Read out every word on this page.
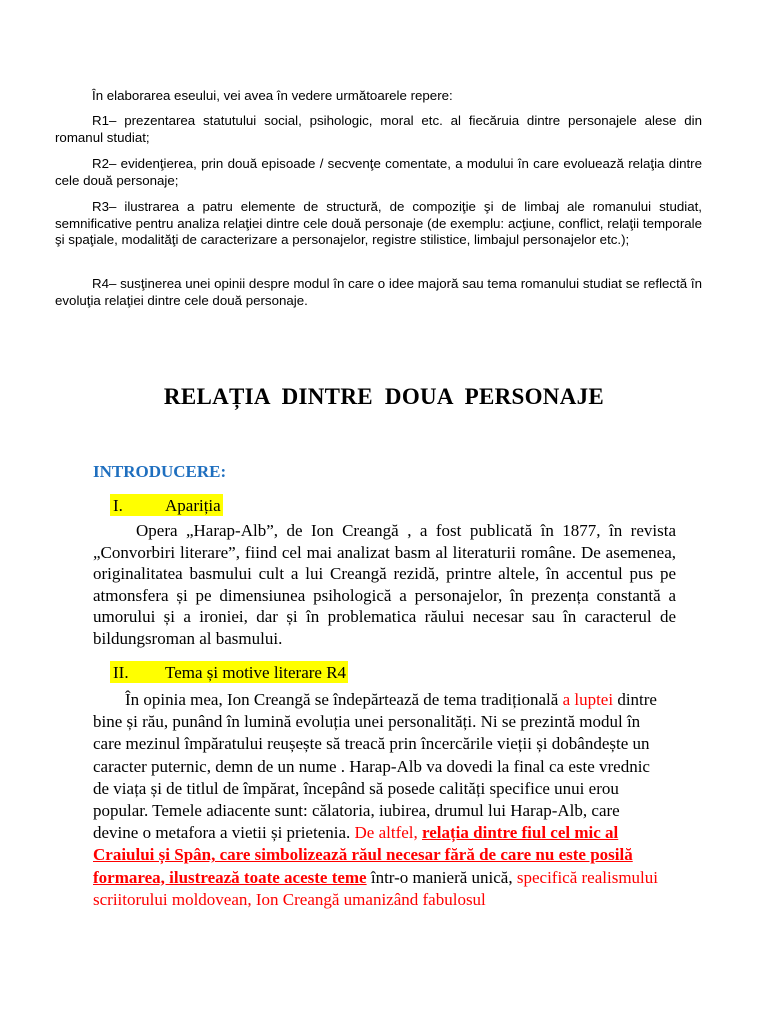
În elaborarea eseului, vei avea în vedere următoarele repere:

R1– prezentarea statutului social, psihologic, moral etc. al fiecăruia dintre personajele alese din romanul studiat;

R2– evidenţierea, prin două episoade / secvenţe comentate, a modului în care evoluează relaţia dintre cele două personaje;

R3– ilustrarea a patru elemente de structură, de compoziţie şi de limbaj ale romanului studiat, semnificative pentru analiza relaţiei dintre cele două personaje (de exemplu: acţiune, conflict, relaţii temporale şi spaţiale, modalităţi de caracterizare a personajelor, registre stilistice, limbajul personajelor etc.);

R4– susţinerea unei opinii despre modul în care o idee majoră sau tema romanului studiat se reflectă în evoluţia relaţiei dintre cele două personaje.

RELAȚIA DINTRE DOUA PERSONAJE

INTRODUCERE:

I. Apariția

Opera „Harap-Alb”, de Ion Creangă , a fost publicată în 1877, în revista „Convorbiri literare”, fiind cel mai analizat basm al literaturii române. De asemenea, originalitatea basmului cult a lui Creangă rezidă, printre altele, în accentul pus pe atmonsfera și pe dimensiunea psihologică a personajelor, în prezența constantă a umorului și a ironiei, dar și în problematica răului necesar sau în caracterul de bildungsroman al basmului.

II. Tema și motive literare R4

În opinia mea, Ion Creangă se îndepărtează de tema tradițională a luptei dintre bine și rău, punând în lumină evoluția unei personalități. Ni se prezintă modul în care mezinul împăratului reușește să treacă prin încercările vieții și dobândește un caracter puternic, demn de un nume . Harap-Alb va dovedi la final ca este vrednic de viața și de titlul de împărat, începând să posede calități specifice unui erou popular. Temele adiacente sunt: călatoria, iubirea, drumul lui Harap-Alb, care devine o metafora a vietii și prietenia. De altfel, relația dintre fiul cel mic al Craiului și Spân, care simbolizează răul necesar fără de care nu este posilă formarea, ilustrează toate aceste teme într-o manieră unică, specifică realismului scriitorului moldovean, Ion Creangă umanizând fabulosul
